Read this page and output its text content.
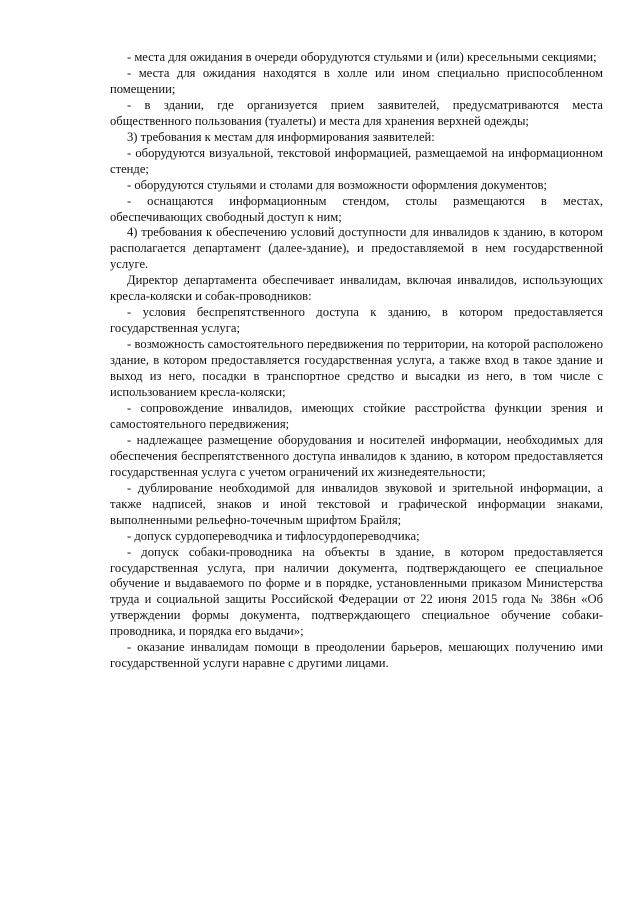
- места для ожидания в очереди оборудуются стульями и (или) кресельными секциями;

- места для ожидания находятся в холле или ином специально приспособленном помещении;

- в здании, где организуется прием заявителей, предусматриваются места общественного пользования (туалеты) и места для хранения верхней одежды;

3) требования к местам для информирования заявителей:

- оборудуются визуальной, текстовой информацией, размещаемой на информационном стенде;

- оборудуются стульями и столами для возможности оформления документов;

- оснащаются информационным стендом, столы размещаются в местах, обеспечивающих свободный доступ к ним;

4) требования к обеспечению условий доступности для инвалидов к зданию, в котором располагается департамент (далее-здание), и предоставляемой в нем государственной услуге.

Директор департамента обеспечивает инвалидам, включая инвалидов, использующих кресла-коляски и собак-проводников:

- условия беспрепятственного доступа к зданию, в котором предоставляется государственная услуга;

- возможность самостоятельного передвижения по территории, на которой расположено здание, в котором предоставляется государственная услуга, а также вход в такое здание и выход из него, посадки в транспортное средство и высадки из него, в том числе с использованием кресла-коляски;

- сопровождение инвалидов, имеющих стойкие расстройства функции зрения и самостоятельного передвижения;

- надлежащее размещение оборудования и носителей информации, необходимых для обеспечения беспрепятственного доступа инвалидов к зданию, в котором предоставляется государственная услуга с учетом ограничений их жизнедеятельности;

- дублирование необходимой для инвалидов звуковой и зрительной информации, а также надписей, знаков и иной текстовой и графической информации знаками, выполненными рельефно-точечным шрифтом Брайля;

- допуск сурдопереводчика и тифлосурдопереводчика;

- допуск собаки-проводника на объекты в здание, в котором предоставляется государственная услуга, при наличии документа, подтверждающего ее специальное обучение и выдаваемого по форме и в порядке, установленными приказом Министерства труда и социальной защиты Российской Федерации от 22 июня 2015 года № 386н «Об утверждении формы документа, подтверждающего специальное обучение собаки-проводника, и порядка его выдачи»;

- оказание инвалидам помощи в преодолении барьеров, мешающих получению ими государственной услуги наравне с другими лицами.
